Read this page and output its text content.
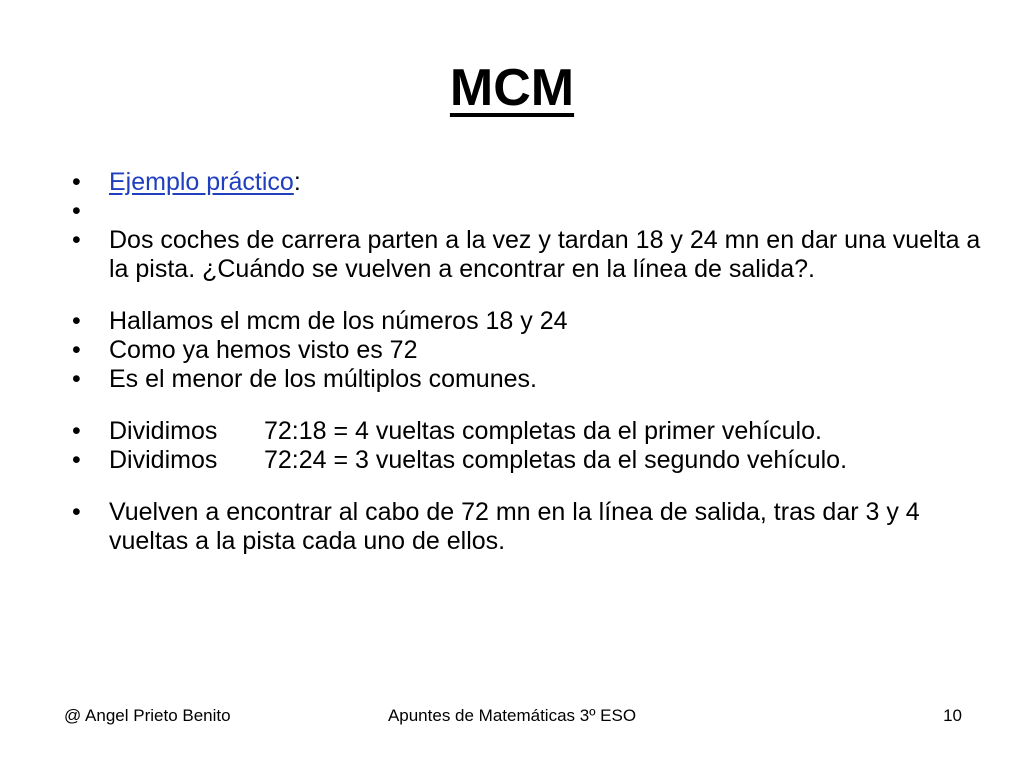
MCM
• Ejemplo práctico:
•
• Dos coches de carrera parten a la vez y tardan 18 y 24 mn en dar una vuelta a la pista. ¿Cuándo se vuelven a encontrar en la línea de salida?.
• Hallamos el mcm de los números 18 y 24
• Como ya hemos visto es 72
• Es el menor de los múltiplos comunes.
• Dividimos 72:18 = 4 vueltas completas da el primer vehículo.
• Dividimos 72:24 = 3 vueltas completas da el segundo vehículo.
• Vuelven a encontrar al cabo de 72 mn en la línea de salida, tras dar 3 y 4 vueltas a la pista cada uno de ellos.
Apuntes de Matemáticas 3º ESO
@ Angel Prieto Benito	10
